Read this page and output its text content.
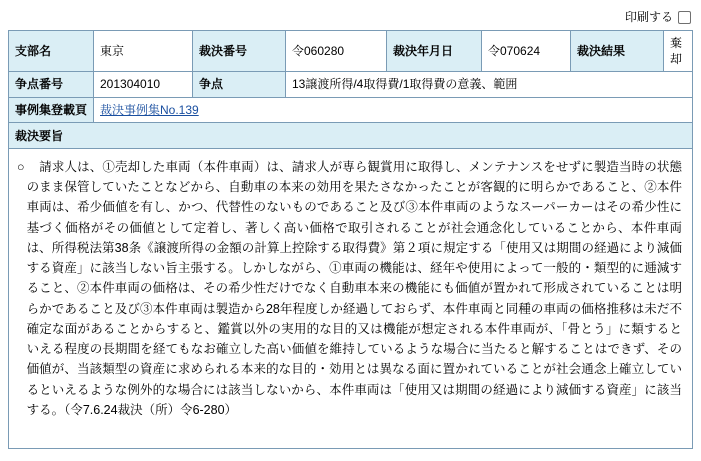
印刷する
支部名	東京	裁決番号	令060280	裁決年月日	令070624	裁決結果	棄却
争点番号	201304010	争点	13譲渡所得/4取得費/1取得費の意義、範囲				
事例集登載頁	裁決事例集No.139						
裁決要旨
○ 　請求人は、①売却した車両（本件車両）は、請求人が専ら観賞用に取得し、メンテナンスをせずに製造当時の状態のまま保管していたことなどから、自動車の本来の効用を果たさなかったことが客観的に明らかであること、②本件車両は、希少価値を有し、かつ、代替性のないものであること及び③本件車両のようなスーパーカーはその希少性に基づく価格がその価値として定着し、著しく高い価格で取引されることが社会通念化していることから、本件車両は、所得税法第38条《譲渡所得の金額の計算上控除する取得費》第２項に規定する「使用又は期間の経過により減価する資産」に該当しない旨主張する。しかしながら、①車両の機能は、経年や使用によって一般的・類型的に逓減すること、②本件車両の価格は、その希少性だけでなく自動車本来の機能にも価値が置かれて形成されていることは明らかであること及び③本件車両は製造から28年程度しか経過しておらず、本件車両と同種の車両の価格推移は未だ不確定な面があることからすると、鑑賞以外の実用的な目的又は機能が想定される本件車両が、「骨とう」に類するといえる程度の長期間を経てもなお確立した高い価値を維持しているような場合に当たると解することはできず、その価値が、当該類型の資産に求められる本来的な目的・効用とは異なる面に置かれていることが社会通念上確立しているといえるような例外的な場合には該当しないから、本件車両は「使用又は期間の経過により減価する資産」に該当する。（令7.6.24裁決（所）令6-280）
